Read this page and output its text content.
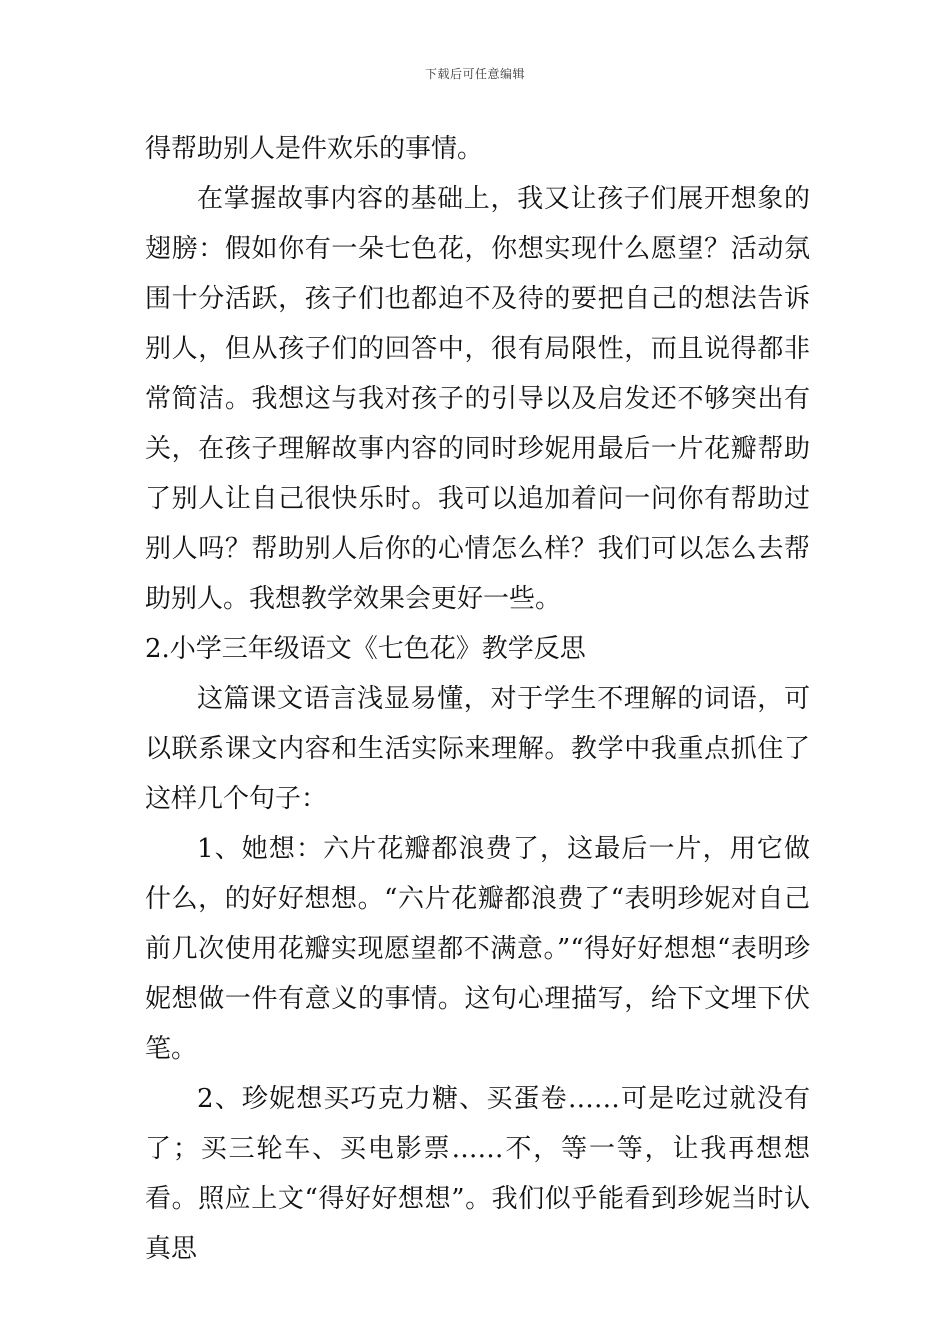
下载后可任意编辑

得帮助别人是件欢乐的事情。

在掌握故事内容的基础上，我又让孩子们展开想象的翅膀：假如你有一朵七色花，你想实现什么愿望？活动氛围十分活跃，孩子们也都迫不及待的要把自己的想法告诉别人，但从孩子们的回答中，很有局限性，而且说得都非常简洁。我想这与我对孩子的引导以及启发还不够突出有关，在孩子理解故事内容的同时珍妮用最后一片花瓣帮助了别人让自己很快乐时。我可以追加着问一问你有帮助过别人吗？帮助别人后你的心情怎么样？我们可以怎么去帮助别人。我想教学效果会更好一些。

2.小学三年级语文《七色花》教学反思

这篇课文语言浅显易懂，对于学生不理解的词语，可以联系课文内容和生活实际来理解。教学中我重点抓住了这样几个句子：

1、她想：六片花瓣都浪费了，这最后一片，用它做什么，的好好想想。“六片花瓣都浪费了“表明珍妮对自己前几次使用花瓣实现愿望都不满意。”“得好好想想“表明珍妮想做一件有意义的事情。这句心理描写，给下文埋下伏笔。

2、珍妮想买巧克力糖、买蛋卷……可是吃过就没有了；买三轮车、买电影票……不，等一等，让我再想想看。照应上文“得好好想想”。我们似乎能看到珍妮当时认真思
